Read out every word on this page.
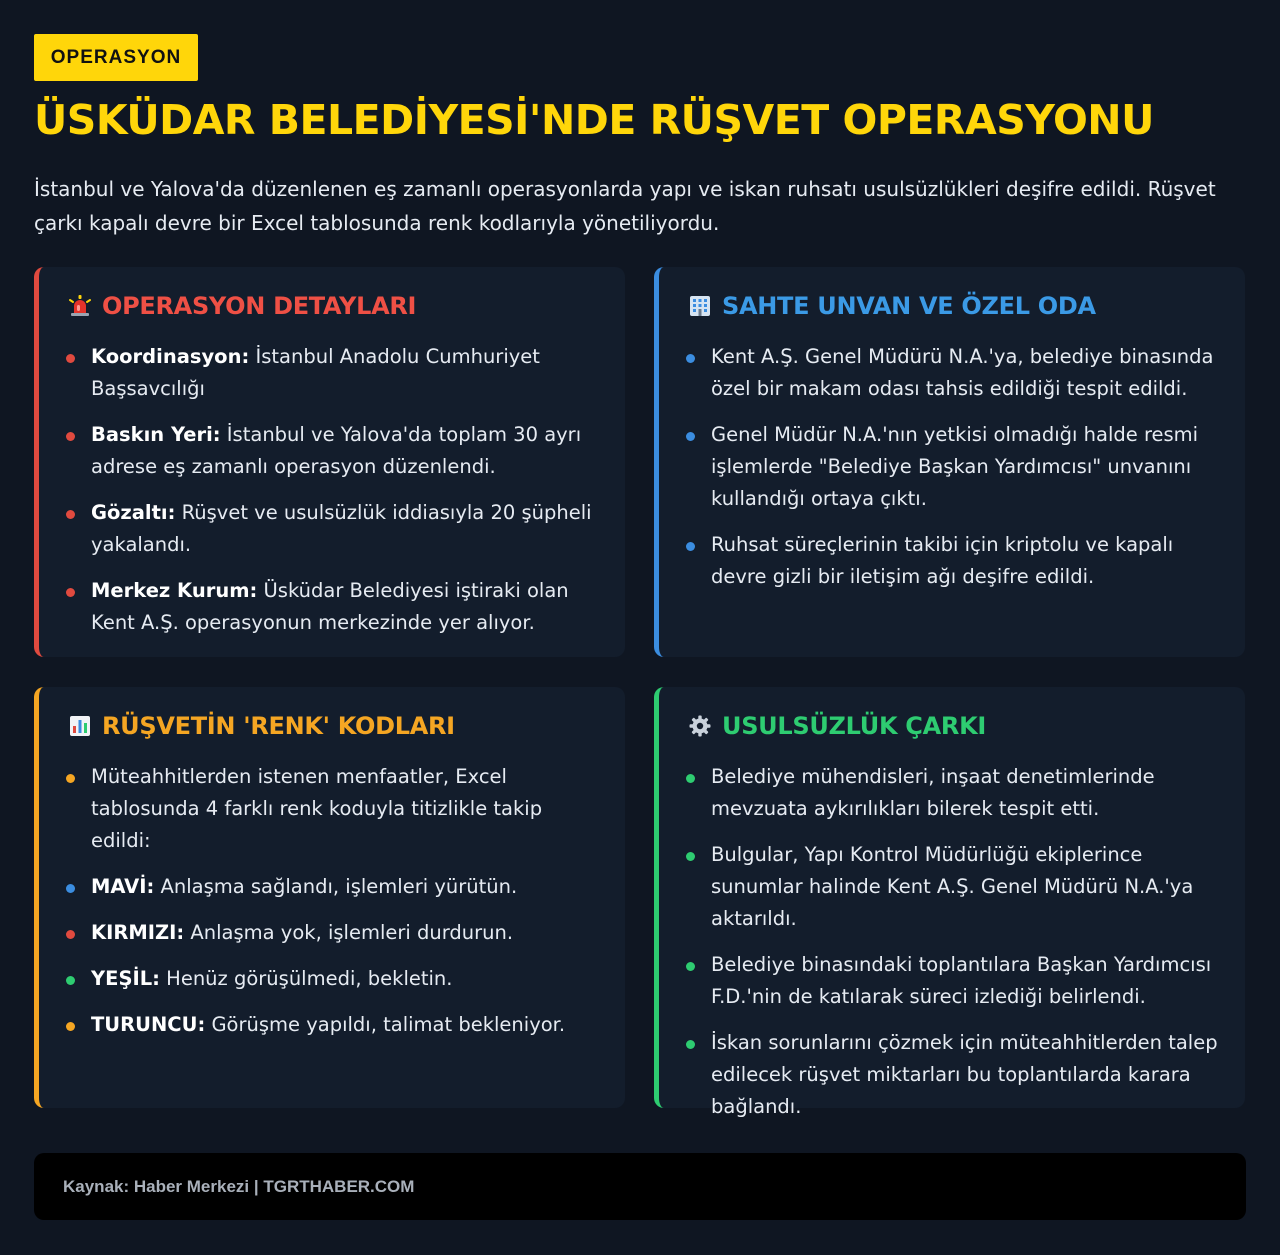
OPERASYON
ÜSKÜDAR BELEDİYESİ'NDE RÜŞVET OPERASYONU

İstanbul ve Yalova'da düzenlenen eş zamanlı operasyonlarda yapı ve iskan ruhsatı usulsüzlükleri deşifre edildi. Rüşvet çarkı kapalı devre bir Excel tablosunda renk kodlarıyla yönetiliyordu.

OPERASYON DETAYLARI
Koordinasyon: İstanbul Anadolu Cumhuriyet Başsavcılığı
Baskın Yeri: İstanbul ve Yalova'da toplam 30 ayrı adrese eş zamanlı operasyon düzenlendi.
Gözaltı: Rüşvet ve usulsüzlük iddiasıyla 20 şüpheli yakalandı.
Merkez Kurum: Üsküdar Belediyesi iştiraki olan Kent A.Ş. operasyonun merkezinde yer alıyor.
SAHTE UNVAN VE ÖZEL ODA
Kent A.Ş. Genel Müdürü N.A.'ya, belediye binasında özel bir makam odası tahsis edildiği tespit edildi.
Genel Müdür N.A.'nın yetkisi olmadığı halde resmi işlemlerde "Belediye Başkan Yardımcısı" unvanını kullandığı ortaya çıktı.
Ruhsat süreçlerinin takibi için kriptolu ve kapalı devre gizli bir iletişim ağı deşifre edildi.
RÜŞVETİN 'RENK' KODLARI
Müteahhitlerden istenen menfaatler, Excel tablosunda 4 farklı renk koduyla titizlikle takip edildi:
MAVİ: Anlaşma sağlandı, işlemleri yürütün.
KIRMIZI: Anlaşma yok, işlemleri durdurun.
YEŞİL: Henüz görüşülmedi, bekletin.
TURUNCU: Görüşme yapıldı, talimat bekleniyor.
USULSÜZLÜK ÇARKI
Belediye mühendisleri, inşaat denetimlerinde mevzuata aykırılıkları bilerek tespit etti.
Bulgular, Yapı Kontrol Müdürlüğü ekiplerince sunumlar halinde Kent A.Ş. Genel Müdürü N.A.'ya aktarıldı.
Belediye binasındaki toplantılara Başkan Yardımcısı F.D.'nin de katılarak süreci izlediği belirlendi.
İskan sorunlarını çözmek için müteahhitlerden talep edilecek rüşvet miktarları bu toplantılarda karara bağlandı.
Kaynak: Haber Merkezi | TGRTHABER.COM
